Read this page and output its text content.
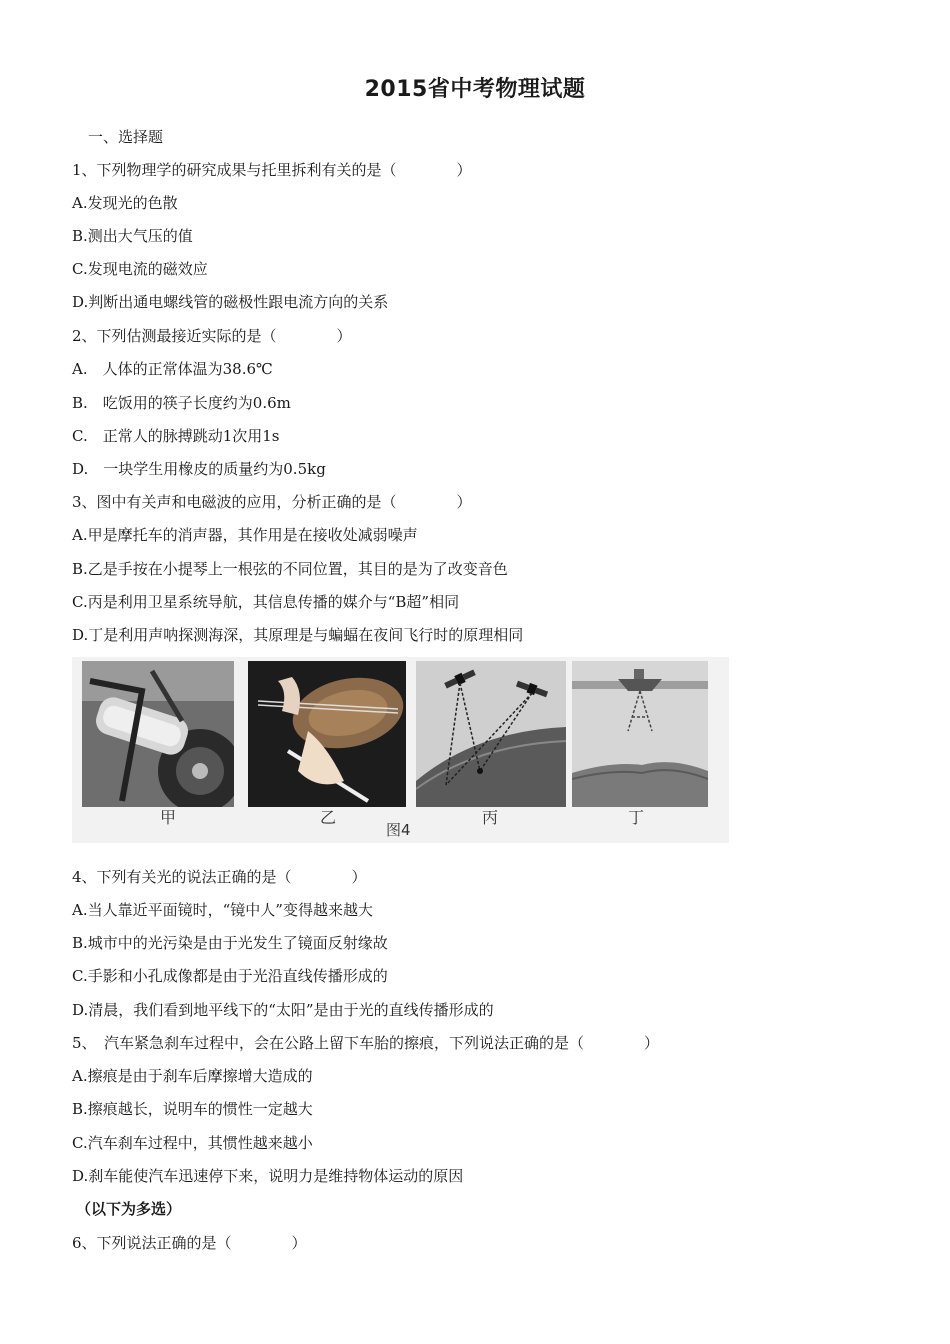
2015省中考物理试题
一、选择题
1、下列物理学的研究成果与托里拆利有关的是（　　　　）
A.发现光的色散
B.测出大气压的值
C.发现电流的磁效应
D.判断出通电螺线管的磁极性跟电流方向的关系
2、下列估测最接近实际的是（　　　　）
A.　人体的正常体温为38.6℃
B.　吃饭用的筷子长度约为0.6m
C.　正常人的脉搏跳动1次用1s
D.　一块学生用橡皮的质量约为0.5kg
3、图中有关声和电磁波的应用，分析正确的是（　　　　）
A.甲是摩托车的消声器，其作用是在接收处减弱噪声
B.乙是手按在小提琴上一根弦的不同位置，其目的是为了改变音色
C.丙是利用卫星系统导航，其信息传播的媒介与“B超”相同
D.丁是利用声呐探测海深，其原理是与蝙蝠在夜间飞行时的原理相同
甲	乙	丙	丁
图4
4、下列有关光的说法正确的是（　　　　）
A.当人靠近平面镜时，“镜中人”变得越来越大
B.城市中的光污染是由于光发生了镜面反射缘故
C.手影和小孔成像都是由于光沿直线传播形成的
D.清晨，我们看到地平线下的“太阳”是由于光的直线传播形成的
5、　汽车紧急刹车过程中，会在公路上留下车胎的擦痕，下列说法正确的是（　　　　）
A.擦痕是由于刹车后摩擦增大造成的
B.擦痕越长，说明车的惯性一定越大
C.汽车刹车过程中，其惯性越来越小
D.刹车能使汽车迅速停下来，说明力是维持物体运动的原因
（以下为多选）
6、下列说法正确的是（　　　　）
